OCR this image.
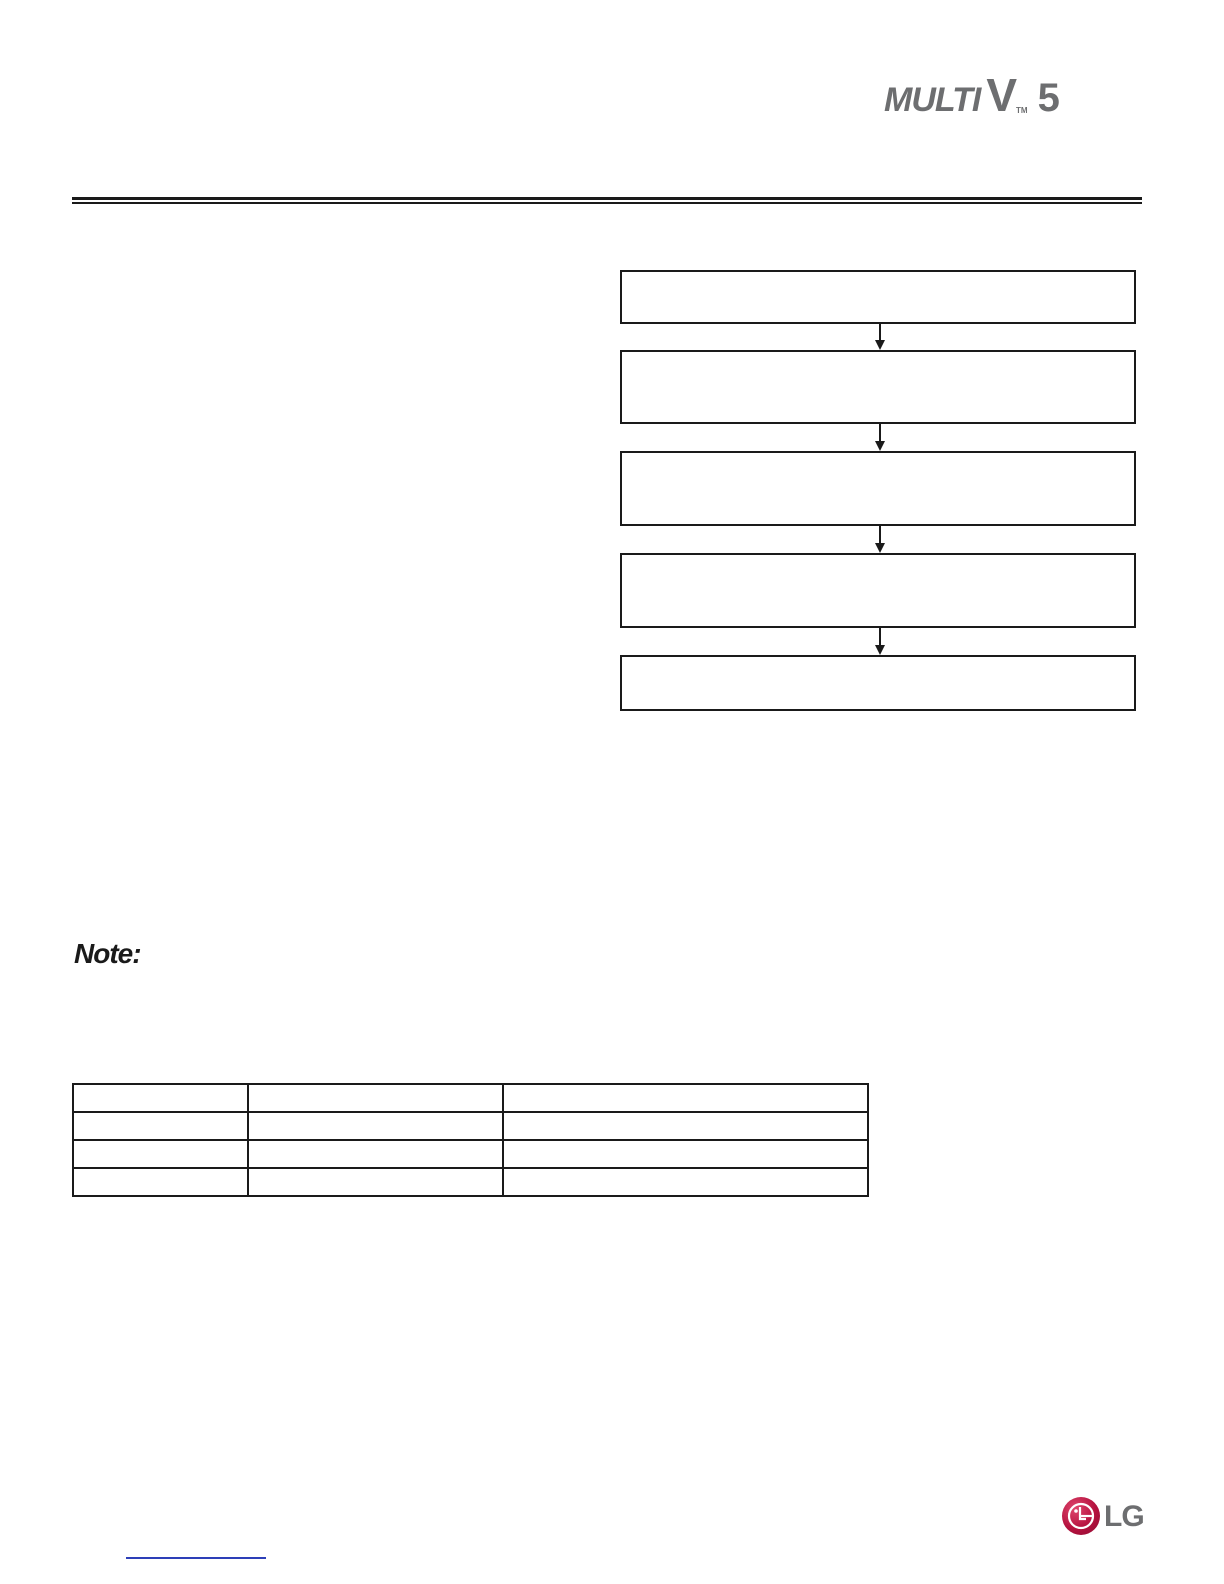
MULTI VTM 5
Note:

LG
